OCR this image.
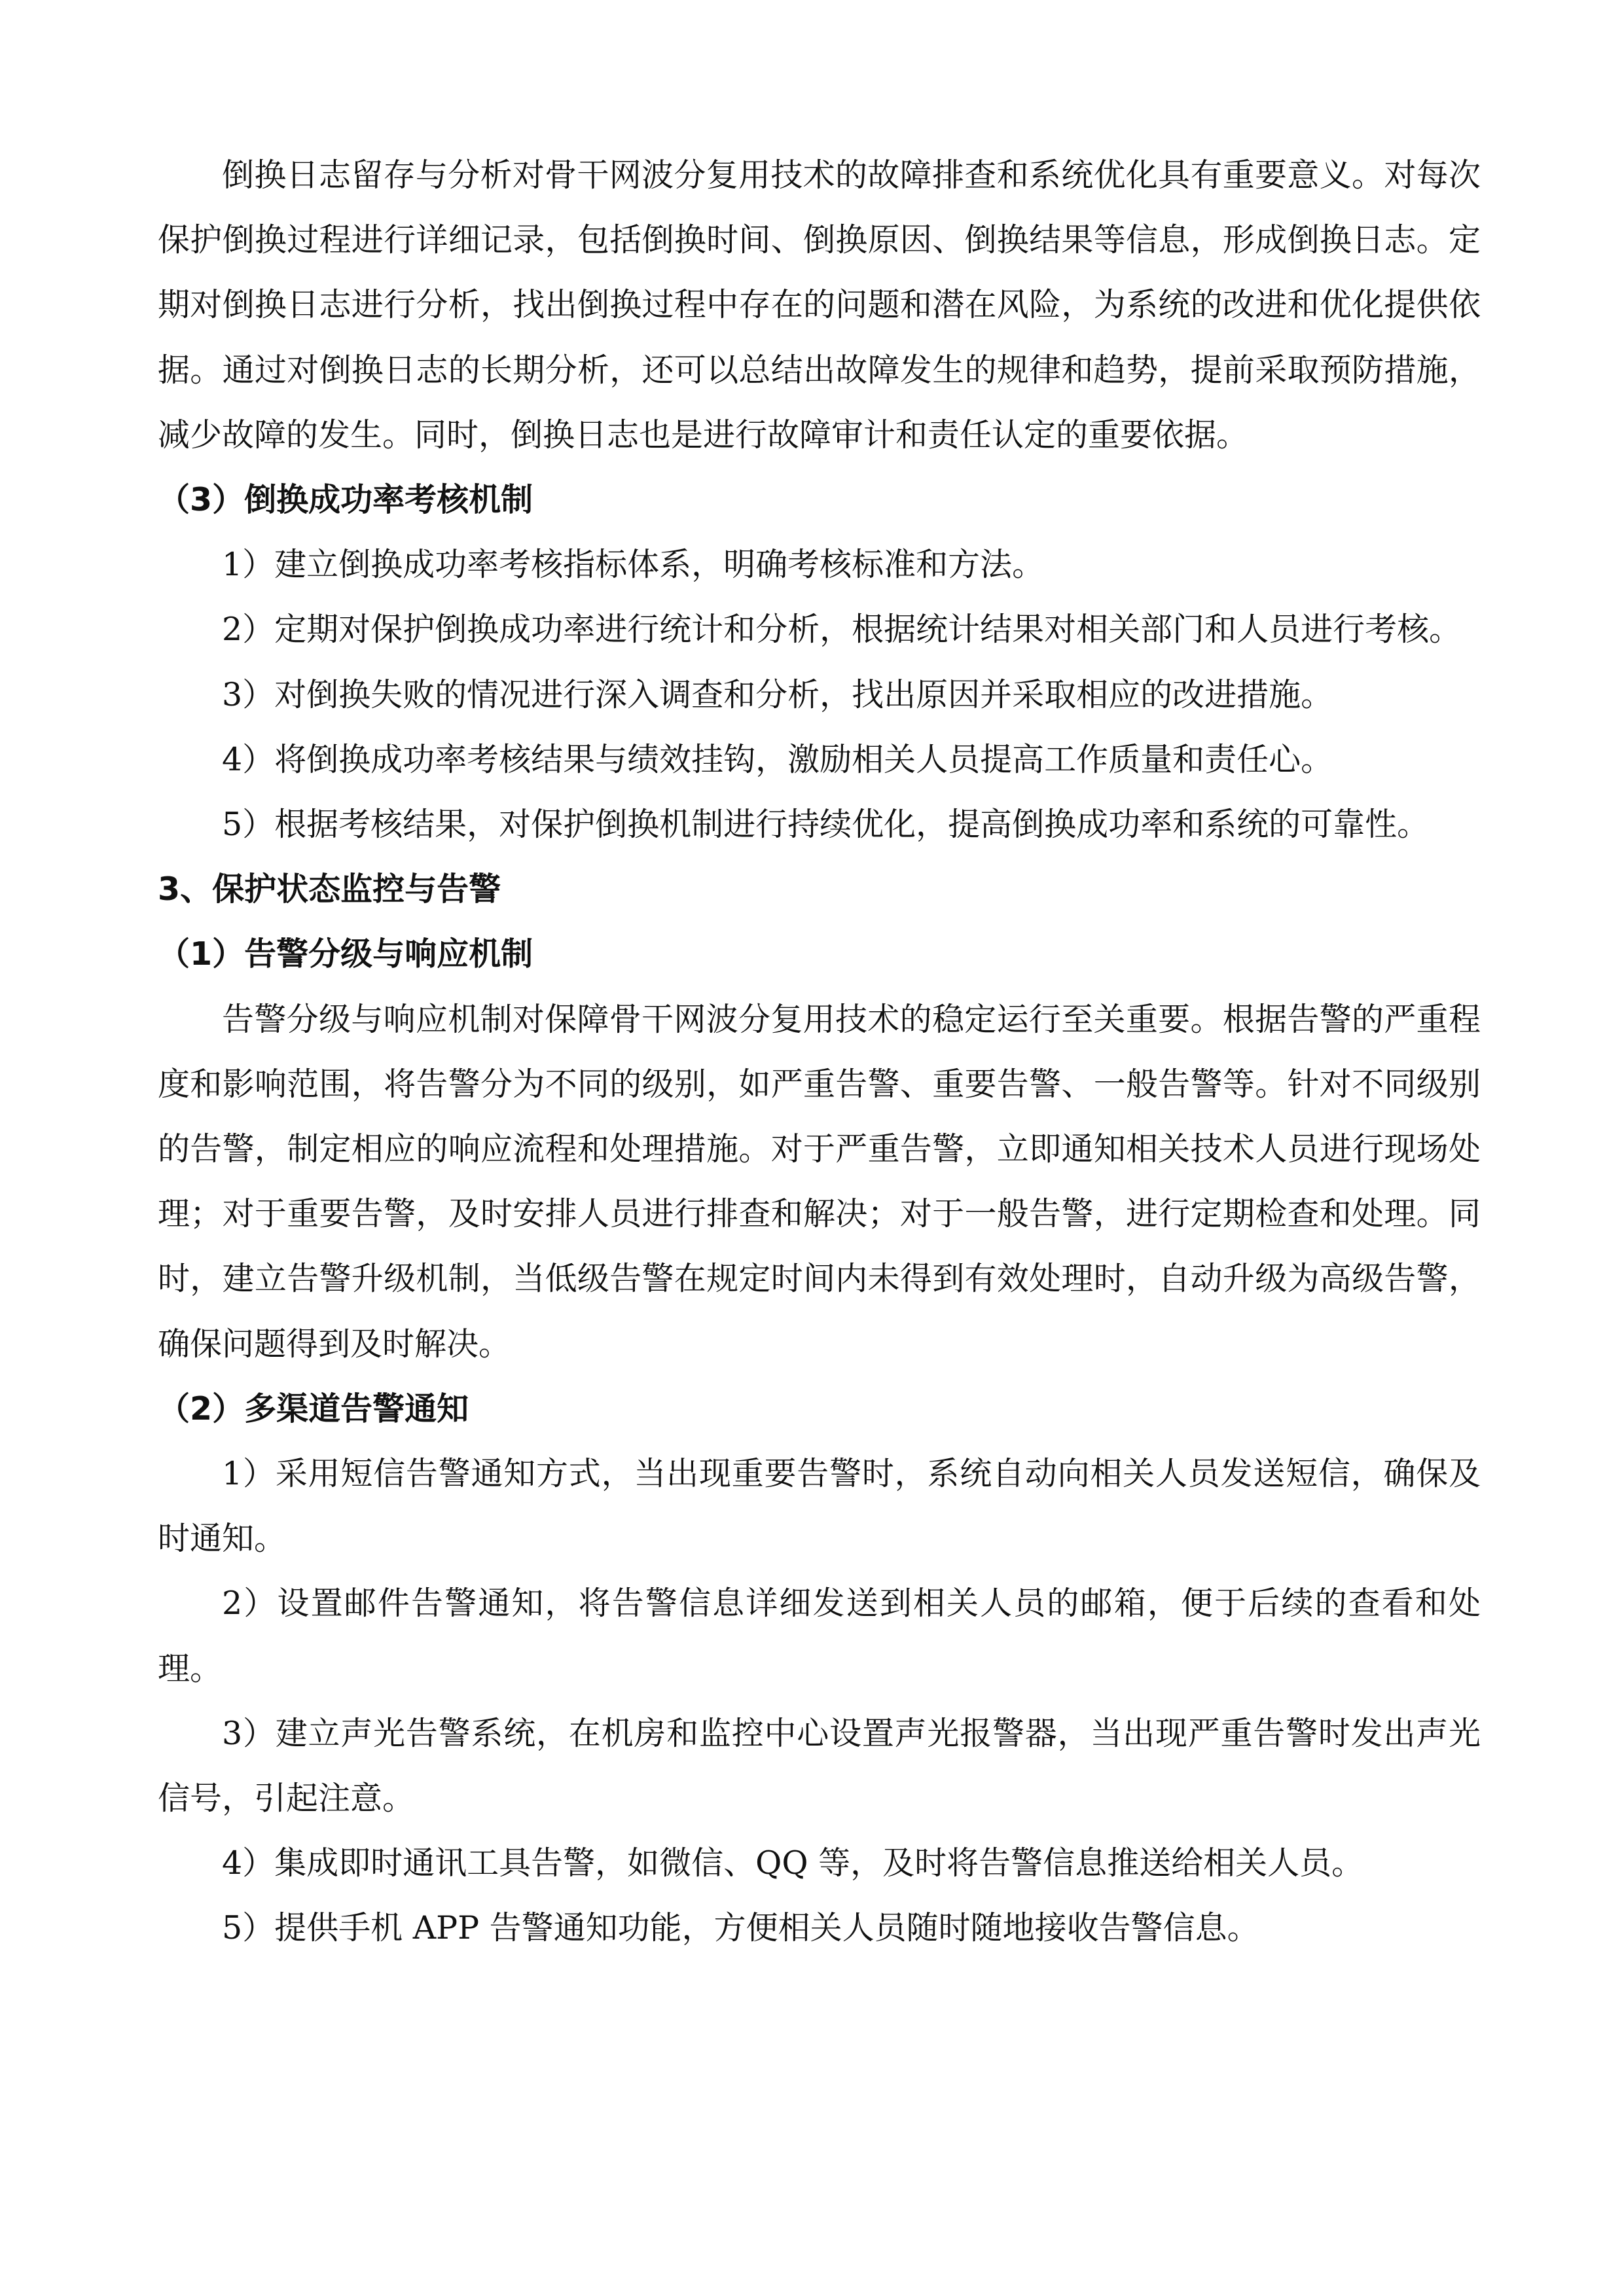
倒换日志留存与分析对骨干网波分复用技术的故障排查和系统优化具有重要意义。对每次保护倒换过程进行详细记录，包括倒换时间、倒换原因、倒换结果等信息，形成倒换日志。定期对倒换日志进行分析，找出倒换过程中存在的问题和潜在风险，为系统的改进和优化提供依据。通过对倒换日志的长期分析，还可以总结出故障发生的规律和趋势，提前采取预防措施，减少故障的发生。同时，倒换日志也是进行故障审计和责任认定的重要依据。

（3）倒换成功率考核机制

1）建立倒换成功率考核指标体系，明确考核标准和方法。

2）定期对保护倒换成功率进行统计和分析，根据统计结果对相关部门和人员进行考核。

3）对倒换失败的情况进行深入调查和分析，找出原因并采取相应的改进措施。

4）将倒换成功率考核结果与绩效挂钩，激励相关人员提高工作质量和责任心。

5）根据考核结果，对保护倒换机制进行持续优化，提高倒换成功率和系统的可靠性。

3、保护状态监控与告警

（1）告警分级与响应机制

告警分级与响应机制对保障骨干网波分复用技术的稳定运行至关重要。根据告警的严重程度和影响范围，将告警分为不同的级别，如严重告警、重要告警、一般告警等。针对不同级别的告警，制定相应的响应流程和处理措施。对于严重告警，立即通知相关技术人员进行现场处理；对于重要告警，及时安排人员进行排查和解决；对于一般告警，进行定期检查和处理。同时，建立告警升级机制，当低级告警在规定时间内未得到有效处理时，自动升级为高级告警，确保问题得到及时解决。

（2）多渠道告警通知

1）采用短信告警通知方式，当出现重要告警时，系统自动向相关人员发送短信，确保及时通知。

2）设置邮件告警通知，将告警信息详细发送到相关人员的邮箱，便于后续的查看和处理。

3）建立声光告警系统，在机房和监控中心设置声光报警器，当出现严重告警时发出声光信号，引起注意。

4）集成即时通讯工具告警，如微信、QQ 等，及时将告警信息推送给相关人员。

5）提供手机 APP 告警通知功能，方便相关人员随时随地接收告警信息。
